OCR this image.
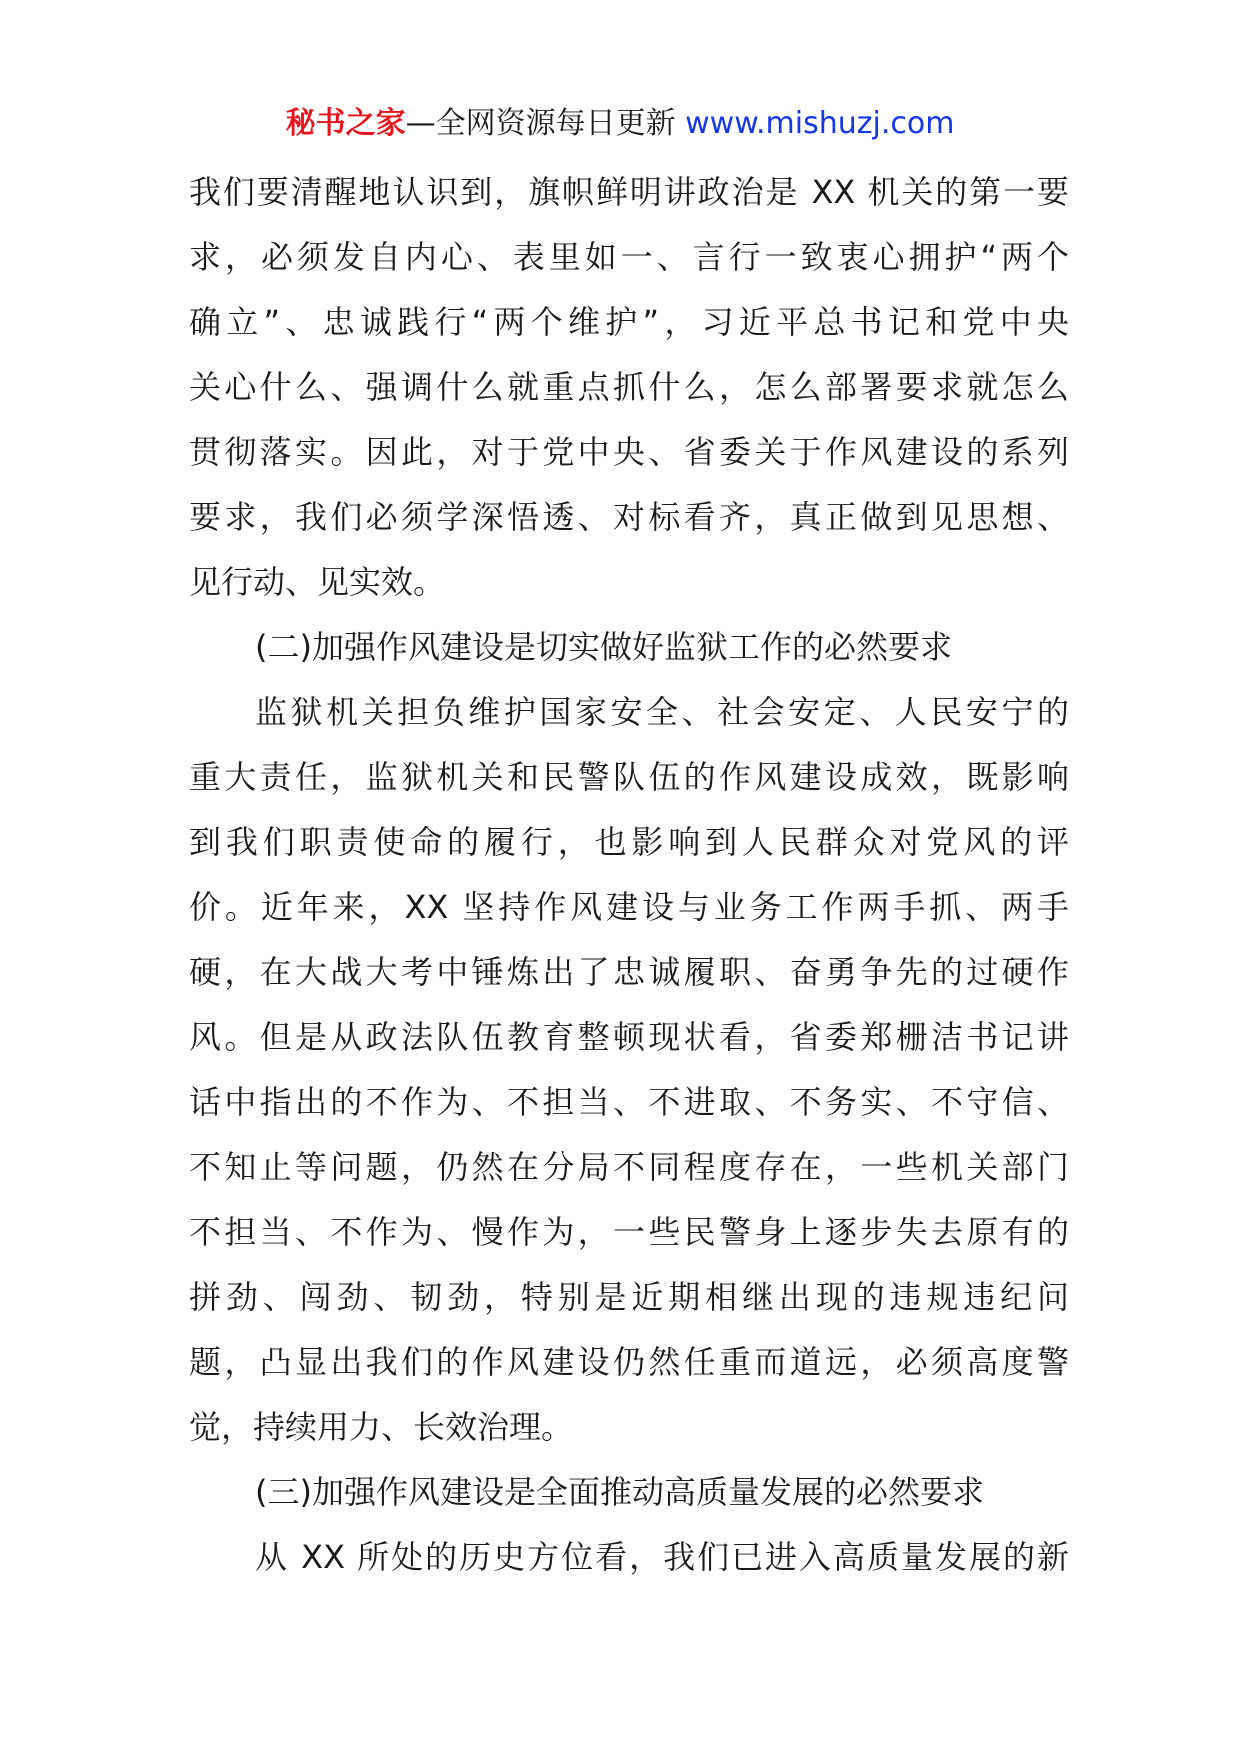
秘书之家—全网资源每日更新 www.mishuzj.com
我们要清醒地认识到，旗帜鲜明讲政治是 XX 机关的第一要
求，必须发自内心、表里如一、言行一致衷心拥护“两个
确立”、忠诚践行“两个维护”，习近平总书记和党中央
关心什么、强调什么就重点抓什么，怎么部署要求就怎么
贯彻落实。因此，对于党中央、省委关于作风建设的系列
要求，我们必须学深悟透、对标看齐，真正做到见思想、
见行动、见实效。
(二)加强作风建设是切实做好监狱工作的必然要求
监狱机关担负维护国家安全、社会安定、人民安宁的
重大责任，监狱机关和民警队伍的作风建设成效，既影响
到我们职责使命的履行，也影响到人民群众对党风的评
价。近年来，XX 坚持作风建设与业务工作两手抓、两手
硬，在大战大考中锤炼出了忠诚履职、奋勇争先的过硬作
风。但是从政法队伍教育整顿现状看，省委郑栅洁书记讲
话中指出的不作为、不担当、不进取、不务实、不守信、
不知止等问题，仍然在分局不同程度存在，一些机关部门
不担当、不作为、慢作为，一些民警身上逐步失去原有的
拼劲、闯劲、韧劲，特别是近期相继出现的违规违纪问
题，凸显出我们的作风建设仍然任重而道远，必须高度警
觉，持续用力、长效治理。
(三)加强作风建设是全面推动高质量发展的必然要求
从 XX 所处的历史方位看，我们已进入高质量发展的新
